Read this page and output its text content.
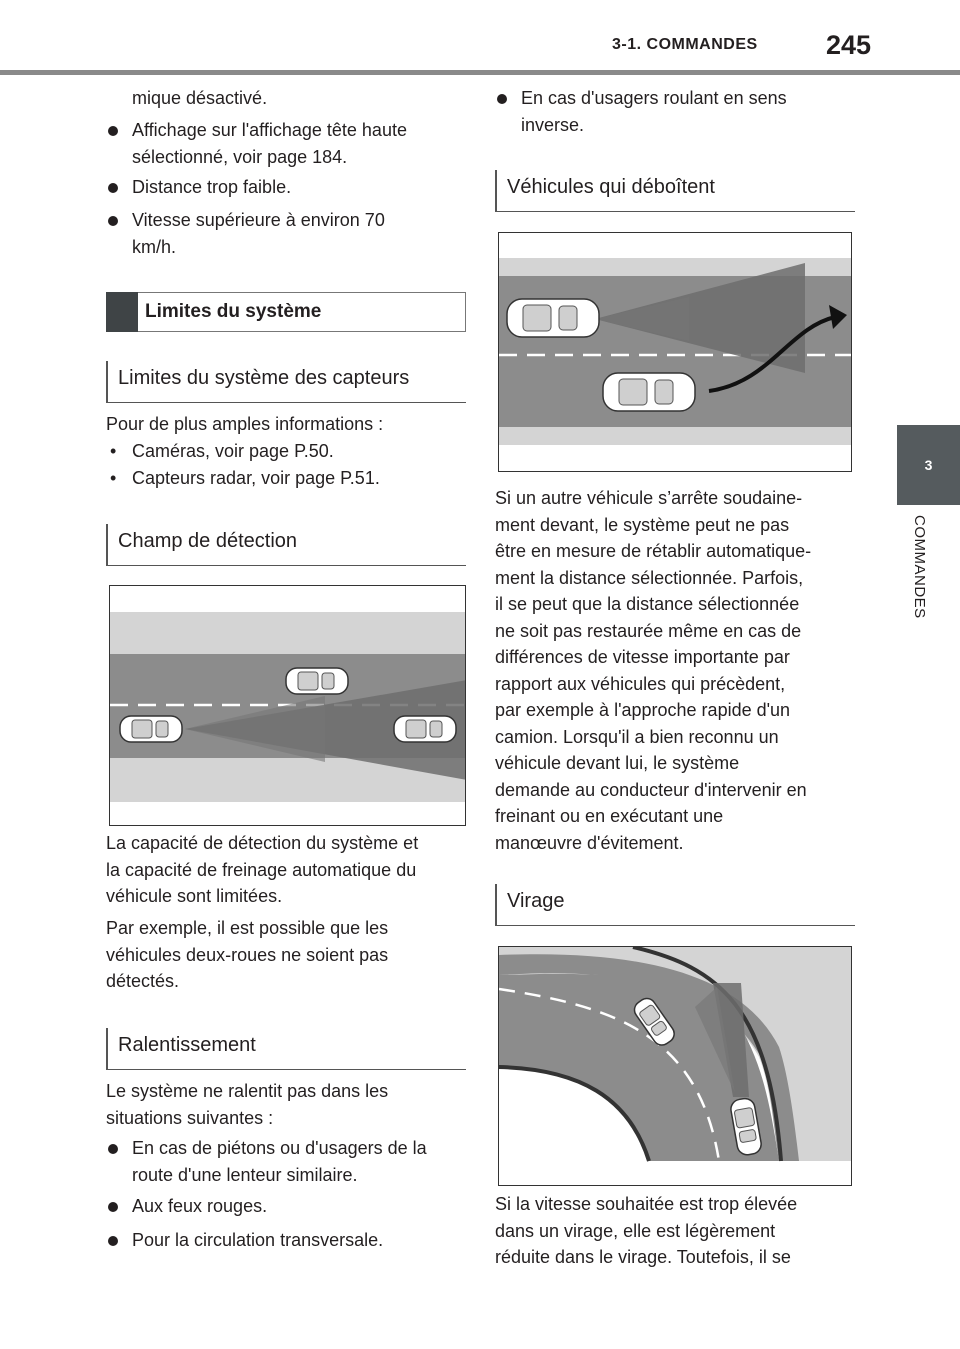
3-1. COMMANDES	245
3
COMMANDES
mique désactivé.
Affichage sur l'affichage tête haute
sélectionné, voir page 184.
Distance trop faible.
Vitesse supérieure à environ 70
km/h.
Limites du système
Limites du système des capteurs
Pour de plus amples informations :
• Caméras, voir page P.50.
• Capteurs radar, voir page P.51.
Champ de détection
La capacité de détection du système et
la capacité de freinage automatique du
véhicule sont limitées.
Par exemple, il est possible que les
véhicules deux-roues ne soient pas
détectés.
Ralentissement
Le système ne ralentit pas dans les
situations suivantes :
En cas de piétons ou d'usagers de la
route d'une lenteur similaire.
Aux feux rouges.
Pour la circulation transversale.
En cas d'usagers roulant en sens
inverse.
Véhicules qui déboîtent
Si un autre véhicule s’arrête soudaine-
ment devant, le système peut ne pas
être en mesure de rétablir automatique-
ment la distance sélectionnée. Parfois,
il se peut que la distance sélectionnée
ne soit pas restaurée même en cas de
différences de vitesse importante par
rapport aux véhicules qui précèdent,
par exemple à l'approche rapide d'un
camion. Lorsqu'il a bien reconnu un
véhicule devant lui, le système
demande au conducteur d'intervenir en
freinant ou en exécutant une
manœuvre d'évitement.
Virage
Si la vitesse souhaitée est trop élevée
dans un virage, elle est légèrement
réduite dans le virage. Toutefois, il se
